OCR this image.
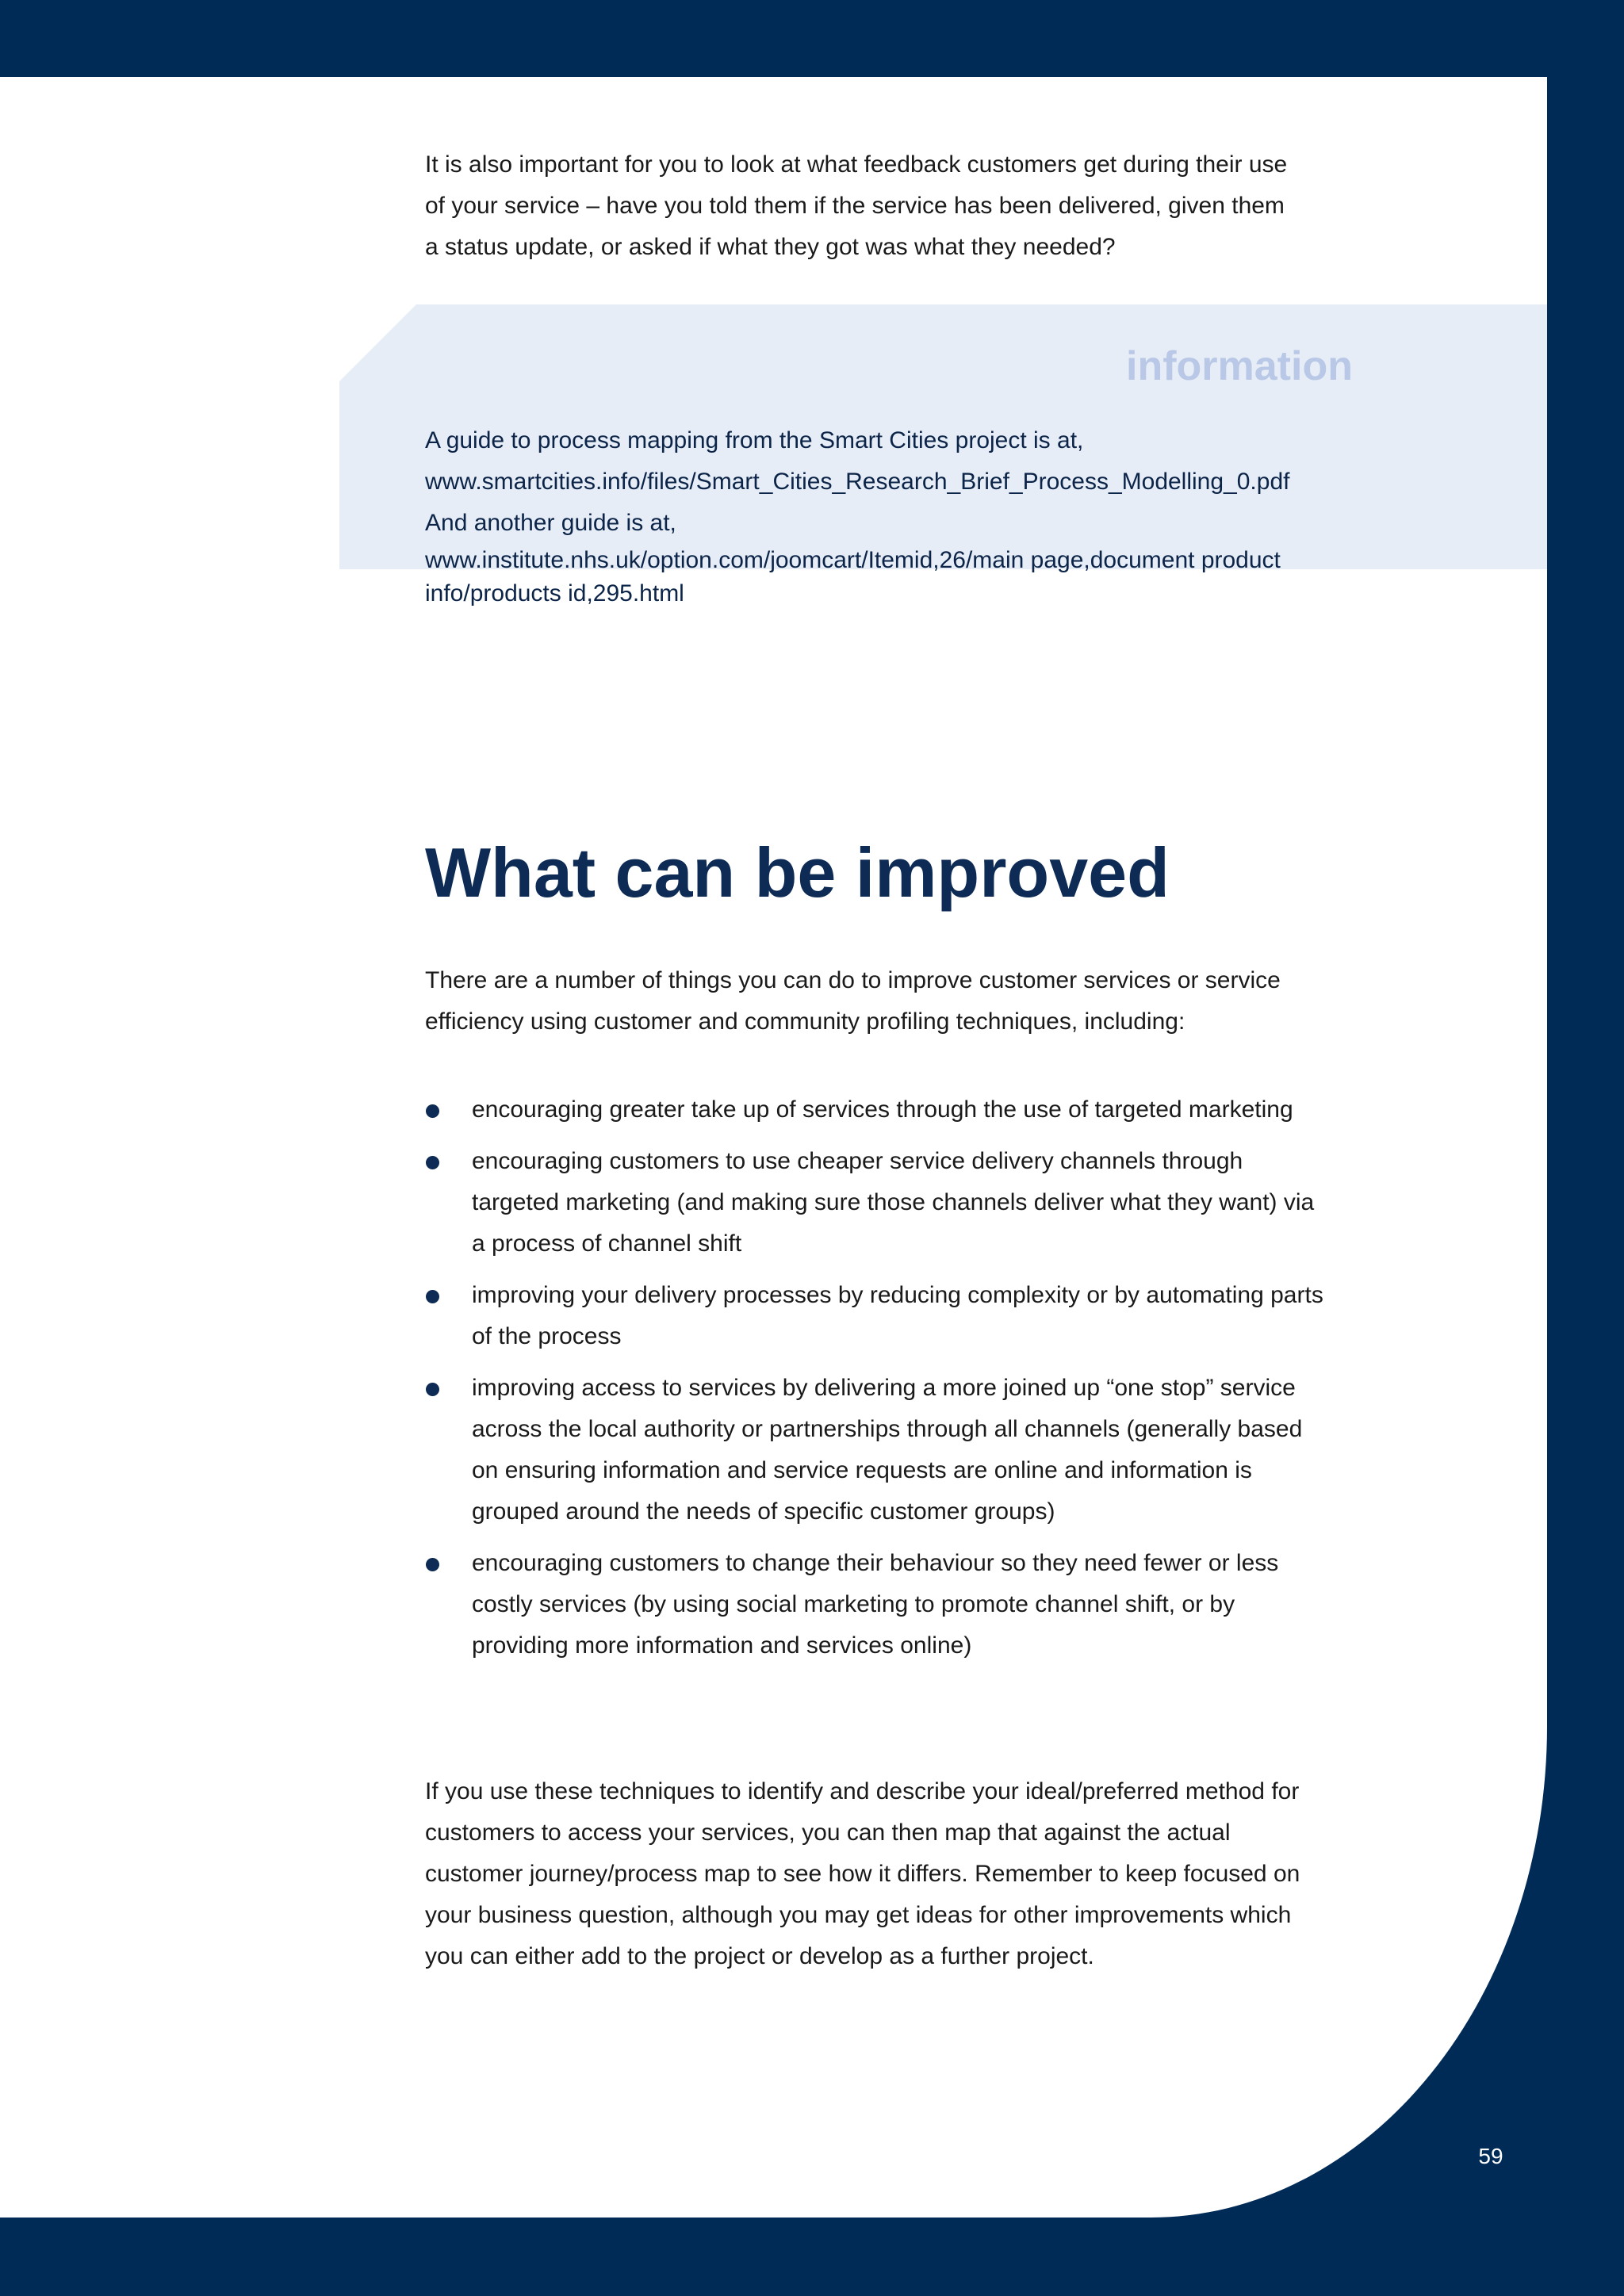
It is also important for you to look at what feedback customers get during their use of your service – have you told them if the service has been delivered, given them a status update, or asked if what they got was what they needed?

information
A guide to process mapping from the Smart Cities project is at,
www.smartcities.info/files/Smart_Cities_Research_Brief_Process_Modelling_0.pdf
And another guide is at,
www.institute.nhs.uk/option.com/joomcart/Itemid,26/main page,document product info/products id,295.html
What can be improved

There are a number of things you can do to improve customer services or service efficiency using customer and community profiling techniques, including:

encouraging greater take up of services through the use of targeted marketing
encouraging customers to use cheaper service delivery channels through targeted marketing (and making sure those channels deliver what they want) via a process of channel shift
improving your delivery processes by reducing complexity or by automating parts of the process
improving access to services by delivering a more joined up “one stop” service across the local authority or partnerships through all channels (generally based on ensuring information and service requests are online and information is grouped around the needs of specific customer groups)
encouraging customers to change their behaviour so they need fewer or less costly services (by using social marketing to promote channel shift, or by providing more information and services online)

If you use these techniques to identify and describe your ideal/preferred method for customers to access your services, you can then map that against the actual customer journey/process map to see how it differs. Remember to keep focused on your business question, although you may get ideas for other improvements which you can either add to the project or develop as a further project.

59
